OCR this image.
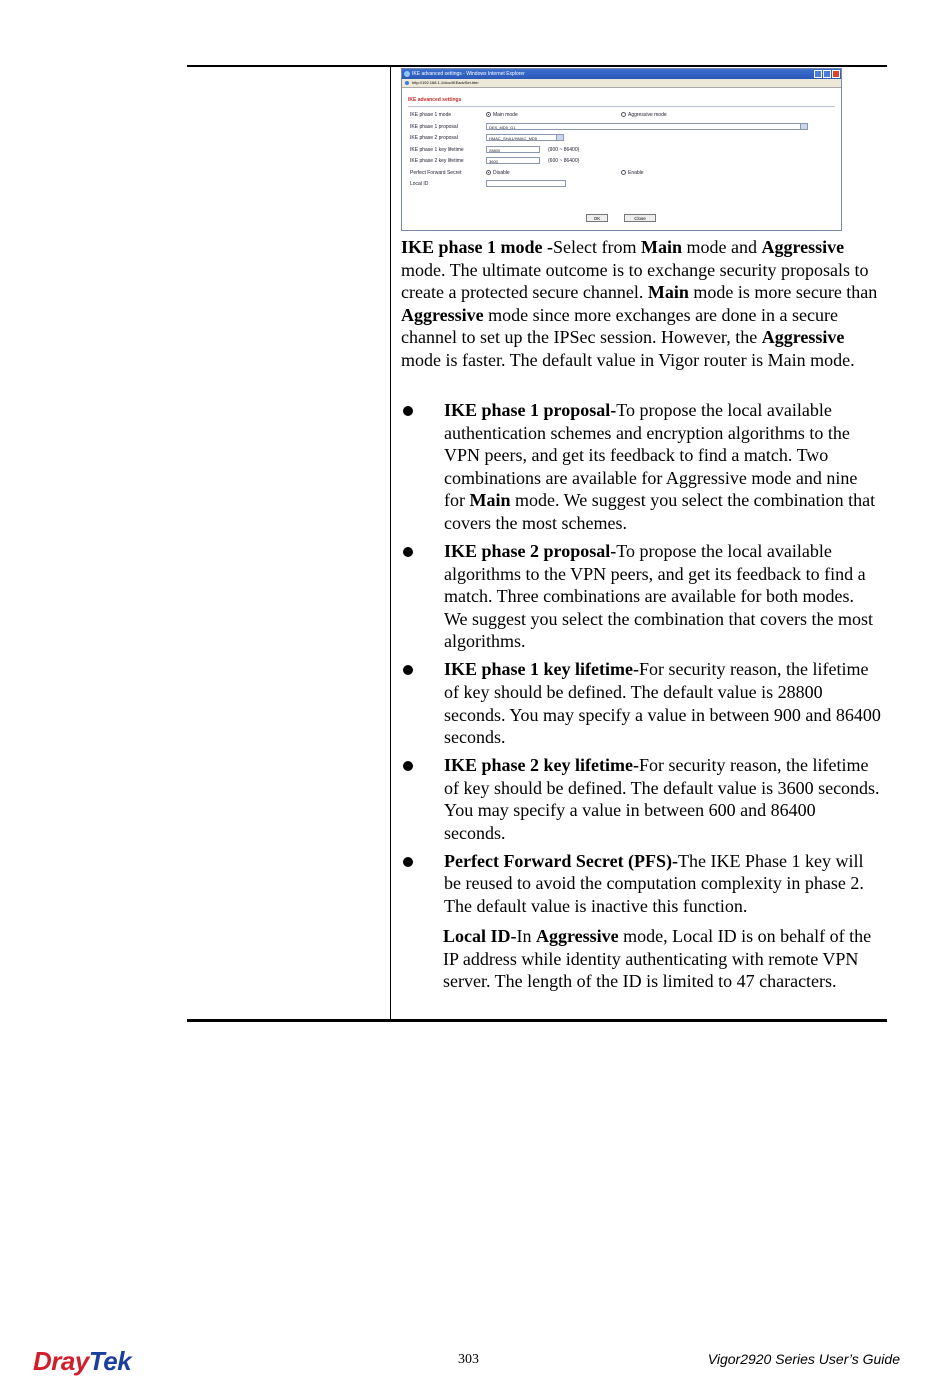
IKE advanced settings - Windows Internet Explorer
http://192.168.1.1/doc/IKEadvSet.htm
IKE advanced settings
IKE phase 1 mode	Main mode	Aggressive mode
IKE phase 1 proposal	DES_MD5_G1
IKE phase 2 proposal	HMAC_SHA1/HMAC_MD5
IKE phase 1 key lifetime	28800	(900 ~ 86400)
IKE phase 2 key lifetime	3600	(600 ~ 86400)
Perfect Forward Secret	Disable	Enable
Local ID
OK	Close
IKE phase 1 mode -Select from Main mode and Aggressive mode. The ultimate outcome is to exchange security proposals to create a protected secure channel. Main mode is more secure than Aggressive mode since more exchanges are done in a secure channel to set up the IPSec session. However, the Aggressive mode is faster. The default value in Vigor router is Main mode.
IKE phase 1 proposal-To propose the local available authentication schemes and encryption algorithms to the VPN peers, and get its feedback to find a match. Two combinations are available for Aggressive mode and nine for Main mode. We suggest you select the combination that covers the most schemes.
IKE phase 2 proposal-To propose the local available algorithms to the VPN peers, and get its feedback to find a match. Three combinations are available for both modes. We suggest you select the combination that covers the most algorithms.
IKE phase 1 key lifetime-For security reason, the lifetime of key should be defined. The default value is 28800 seconds. You may specify a value in between 900 and 86400 seconds.
IKE phase 2 key lifetime-For security reason, the lifetime of key should be defined. The default value is 3600 seconds.    You may specify a value in between 600 and 86400 seconds.
Perfect Forward Secret (PFS)-The IKE Phase 1 key will be reused to avoid the computation complexity in phase 2. The default value is inactive this function.
Local ID-In Aggressive mode, Local ID is on behalf of the IP address while identity authenticating with remote VPN server. The length of the ID is limited to 47 characters.
DrayTek	303	Vigor2920 Series User’s Guide
